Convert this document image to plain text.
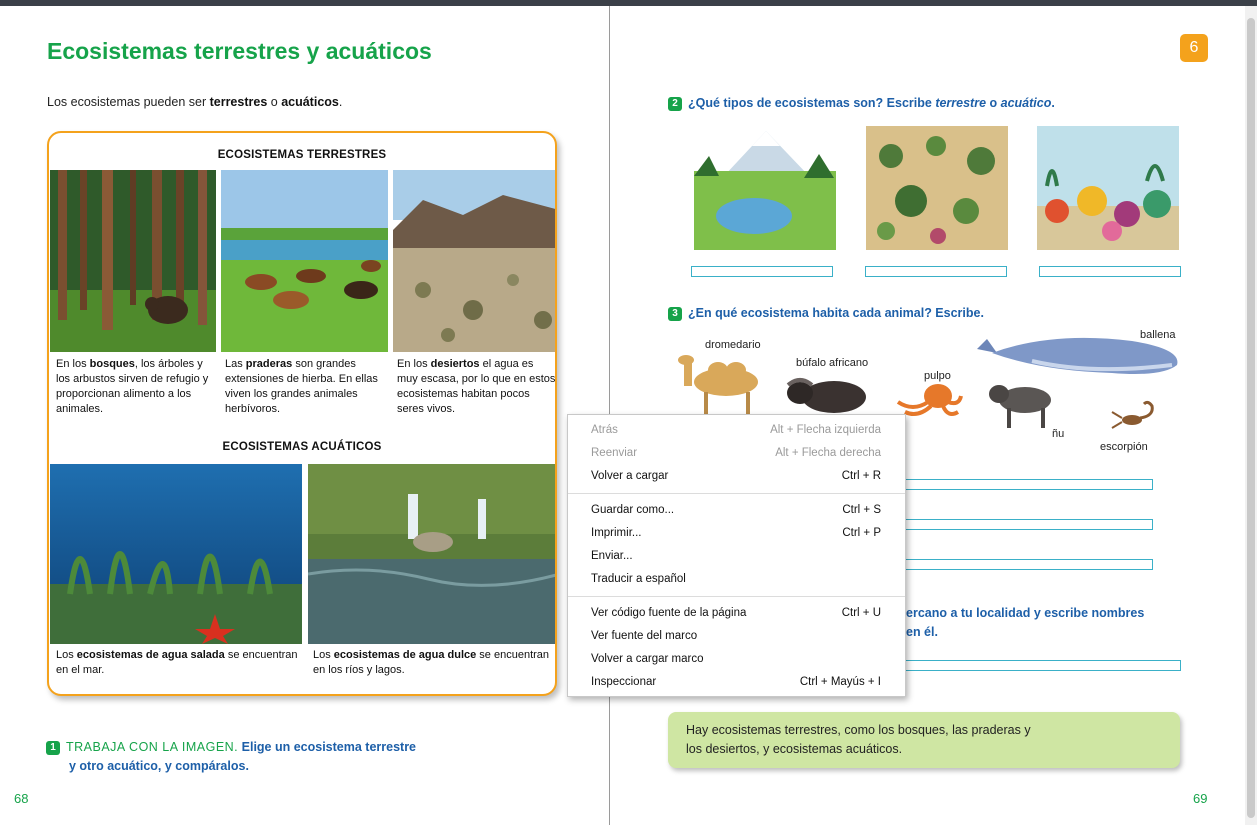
Ecosistemas terrestres y acuáticos
Los ecosistemas pueden ser terrestres o acuáticos.
ECOSISTEMAS TERRESTRES
En los bosques, los árboles y los arbustos sirven de refugio y proporcionan alimento a los animales.
Las praderas son grandes extensiones de hierba. En ellas viven los grandes animales herbívoros.
En los desiertos el agua es muy escasa, por lo que en estos ecosistemas habitan pocos seres vivos.
ECOSISTEMAS ACUÁTICOS
Los ecosistemas de agua salada se encuentran en el mar.
Los ecosistemas de agua dulce se encuentran en los ríos y lagos.
1 TRABAJA CON LA IMAGEN. Elige un ecosistema terrestre
y otro acuático, y compáralos.
68
6
2 ¿Qué tipos de ecosistemas son? Escribe terrestre o acuático.
3 ¿En qué ecosistema habita cada animal? Escribe.
dromedario
búfalo africano
pulpo
ballena
ñu
escorpión
ercano a tu localidad y escribe nombres
en él.
Hay ecosistemas terrestres, como los bosques, las praderas y
los desiertos, y ecosistemas acuáticos.
69
Atrás	Alt + Flecha izquierda
Reenviar	Alt + Flecha derecha
Volver a cargar	Ctrl + R
Guardar como...	Ctrl + S
Imprimir...	Ctrl + P
Enviar...
Traducir a español
Ver código fuente de la página	Ctrl + U
Ver fuente del marco
Volver a cargar marco
Inspeccionar	Ctrl + Mayús + I
